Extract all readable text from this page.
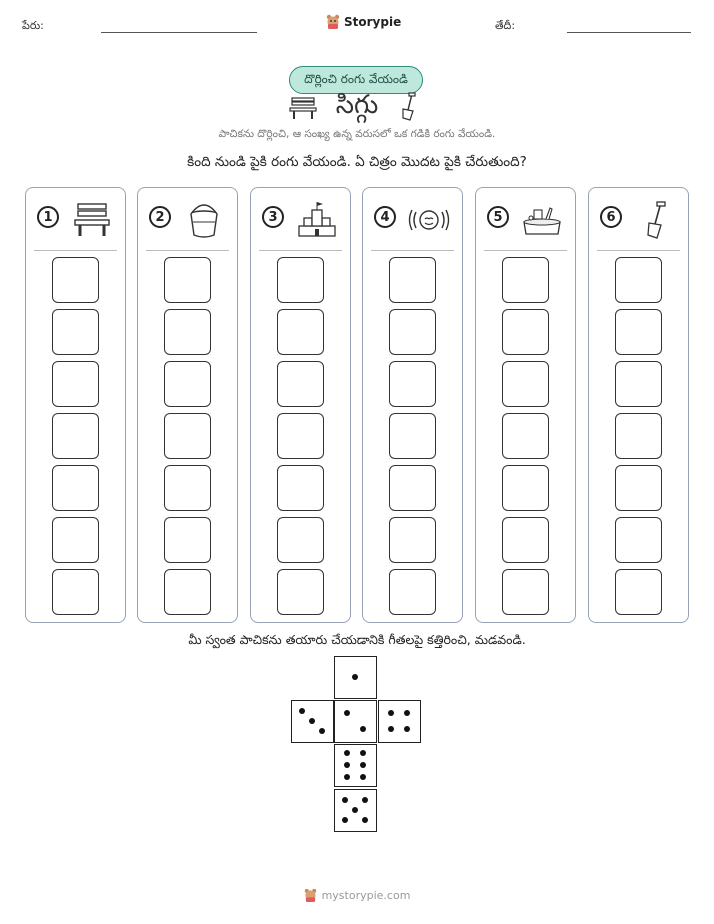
పేరు:	Storypie	తేదీ:
దొర్లించి రంగు వేయండి
సిగ్గు
పాచికను దొర్లించి, ఆ సంఖ్య ఉన్న వరుసలో ఒక గడికి రంగు వేయండి.
కింది నుండి పైకి రంగు వేయండి. ఏ చిత్రం మొదట పైకి చేరుతుంది?
1	2	3	4	5	6
మీ స్వంత పాచికను తయారు చేయడానికి గీతలపై కత్తిరించి, మడవండి.
mystorypie.com
